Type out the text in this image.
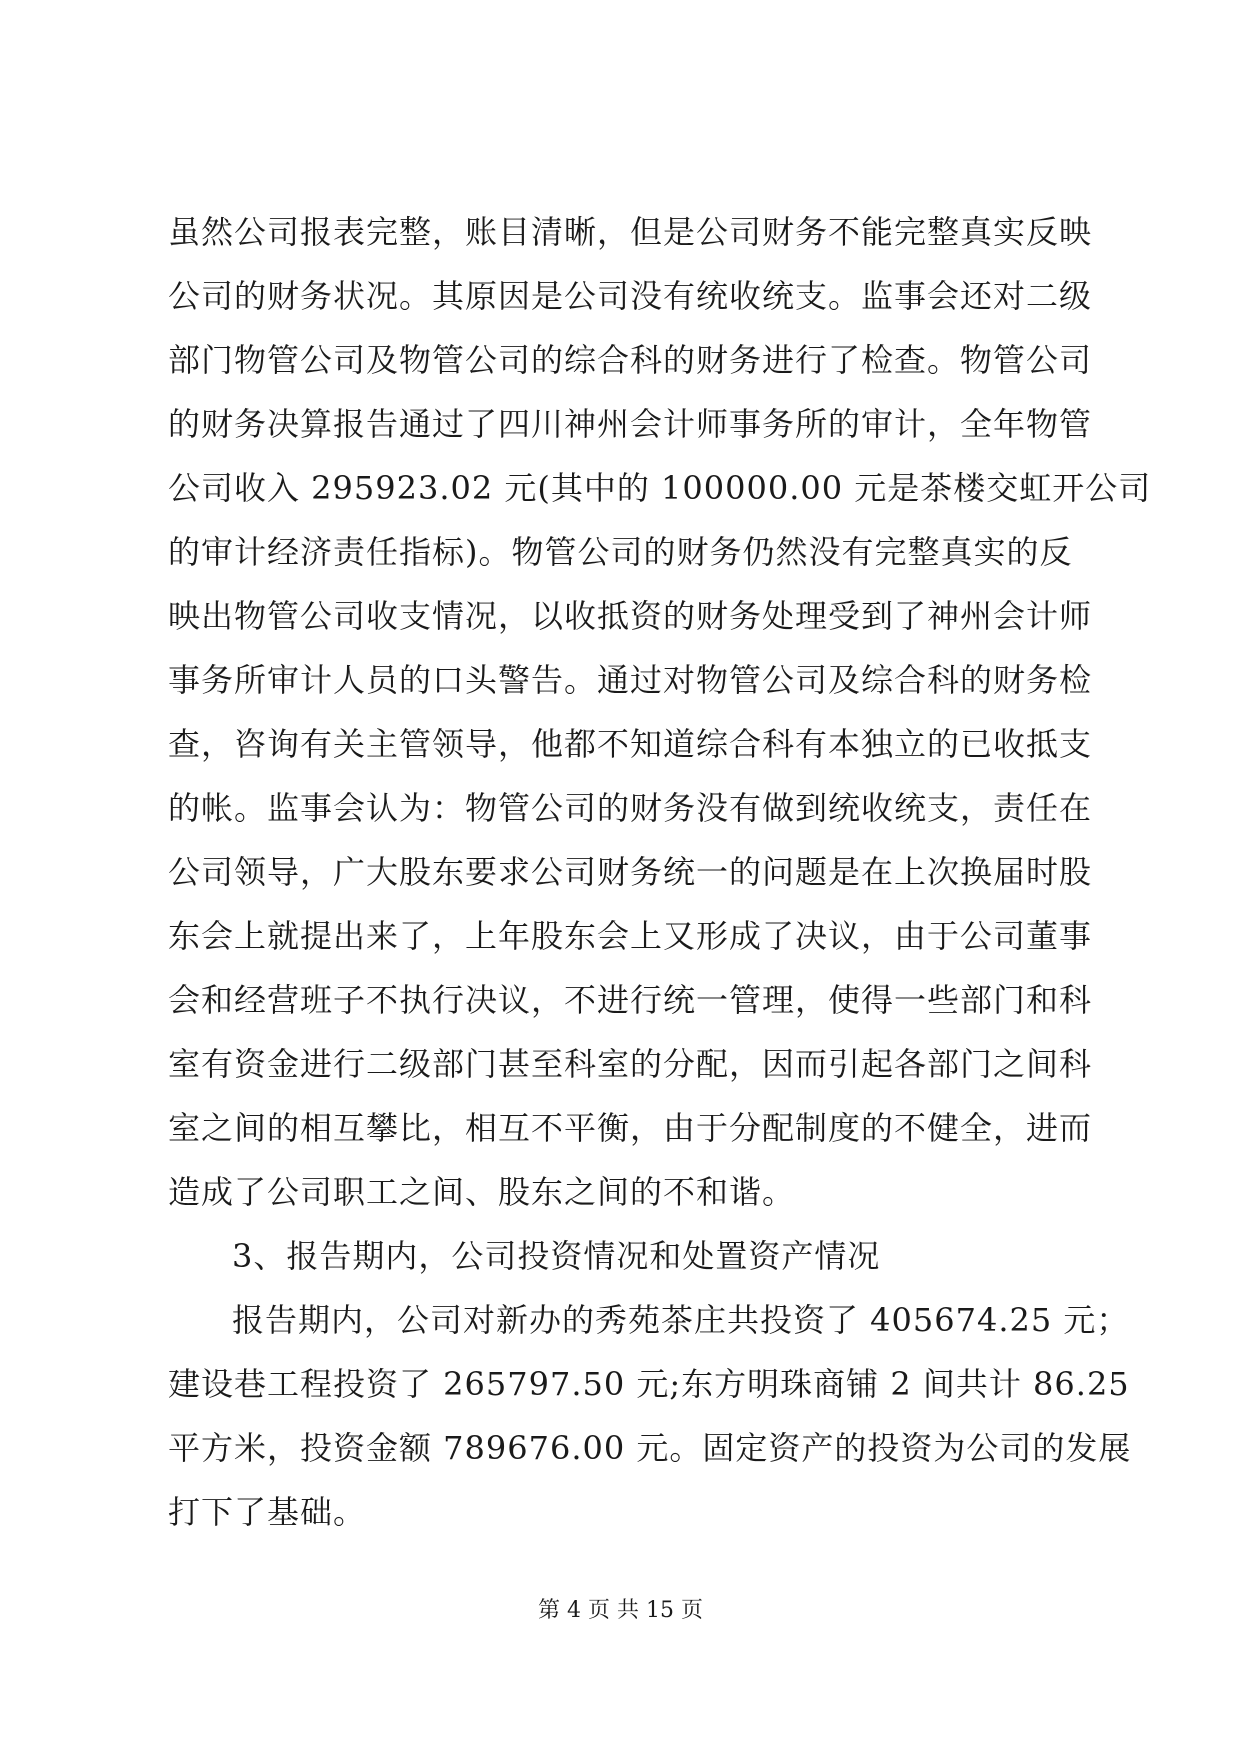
虽然公司报表完整，账目清晰，但是公司财务不能完整真实反映
公司的财务状况。其原因是公司没有统收统支。监事会还对二级
部门物管公司及物管公司的综合科的财务进行了检查。物管公司
的财务决算报告通过了四川神州会计师事务所的审计，全年物管
公司收入 295923.02 元(其中的 100000.00 元是茶楼交虹开公司
的审计经济责任指标)。物管公司的财务仍然没有完整真实的反
映出物管公司收支情况，以收抵资的财务处理受到了神州会计师
事务所审计人员的口头警告。通过对物管公司及综合科的财务检
查，咨询有关主管领导，他都不知道综合科有本独立的已收抵支
的帐。监事会认为：物管公司的财务没有做到统收统支，责任在
公司领导，广大股东要求公司财务统一的问题是在上次换届时股
东会上就提出来了，上年股东会上又形成了决议，由于公司董事
会和经营班子不执行决议，不进行统一管理，使得一些部门和科
室有资金进行二级部门甚至科室的分配，因而引起各部门之间科
室之间的相互攀比，相互不平衡，由于分配制度的不健全，进而
造成了公司职工之间、股东之间的不和谐。
3、报告期内，公司投资情况和处置资产情况
报告期内，公司对新办的秀苑茶庄共投资了 405674.25 元；
建设巷工程投资了 265797.50 元;东方明珠商铺 2 间共计 86.25
平方米，投资金额 789676.00 元。固定资产的投资为公司的发展
打下了基础。
第 4 页 共 15 页
